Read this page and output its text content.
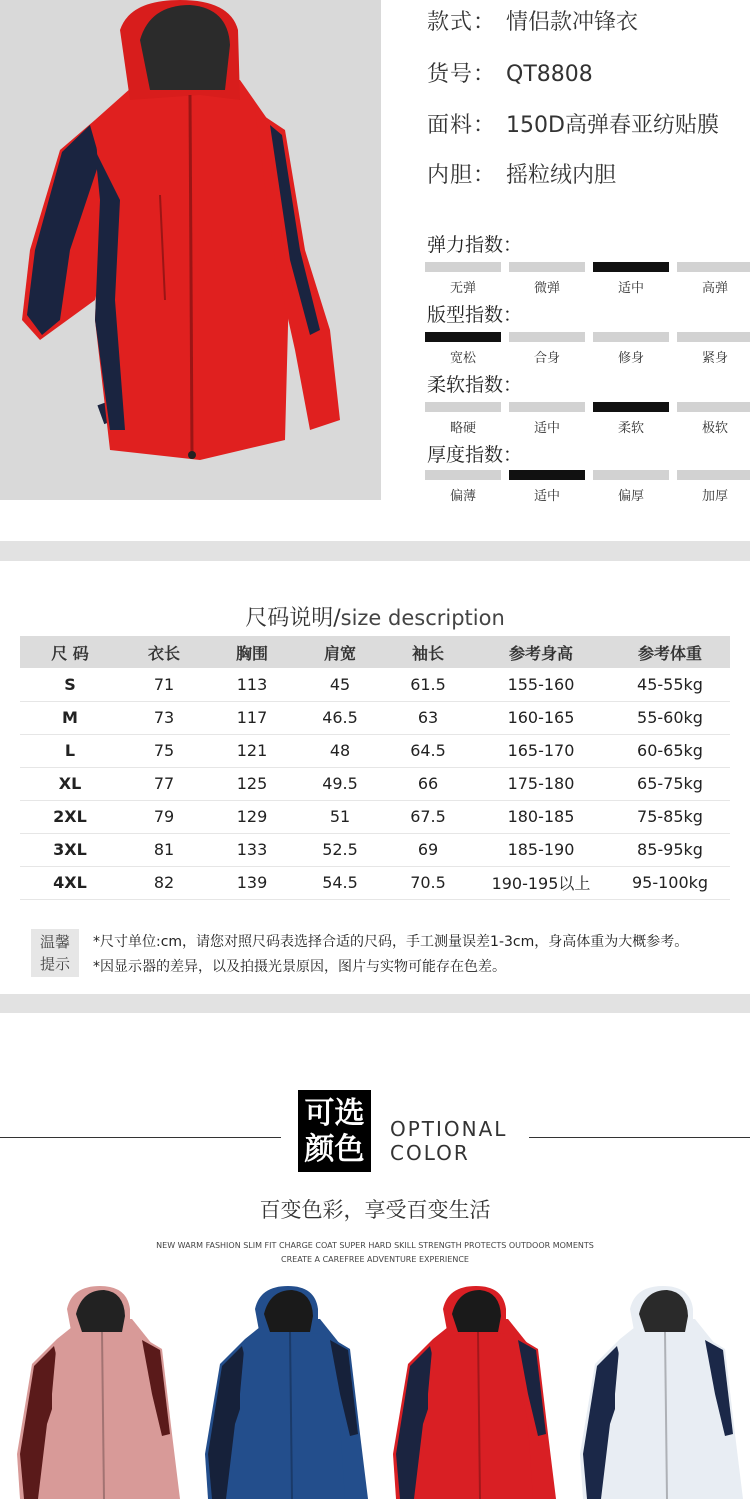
款式： 情侣款冲锋衣
货号： QT8808
面料： 150D高弹春亚纺贴膜
内胆： 摇粒绒内胆
弹力指数：
无弹	微弹	适中	高弹
版型指数：
宽松	合身	修身	紧身
柔软指数：
略硬	适中	柔软	极软
厚度指数：
偏薄	适中	偏厚	加厚
尺码说明/size description
尺 码	衣长	胸围	肩宽	袖长	参考身高	参考体重
S	71	113	45	61.5	155-160	45-55kg
M	73	117	46.5	63	160-165	55-60kg
L	75	121	48	64.5	165-170	60-65kg
XL	77	125	49.5	66	175-180	65-75kg
2XL	79	129	51	67.5	180-185	75-85kg
3XL	81	133	52.5	69	185-190	85-95kg
4XL	82	139	54.5	70.5	190-195以上	95-100kg
温馨
提示
*尺寸单位:cm，请您对照尺码表选择合适的尺码，手工测量误差1-3cm，身高体重为大概参考。
*因显示器的差异，以及拍摄光景原因，图片与实物可能存在色差。
可选
颜色
OPTIONAL
COLOR
百变色彩，享受百变生活
NEW WARM FASHION SLIM FIT CHARGE COAT SUPER HARD SKILL STRENGTH PROTECTS OUTDOOR MOMENTS
CREATE A CAREFREE ADVENTURE EXPERIENCE
